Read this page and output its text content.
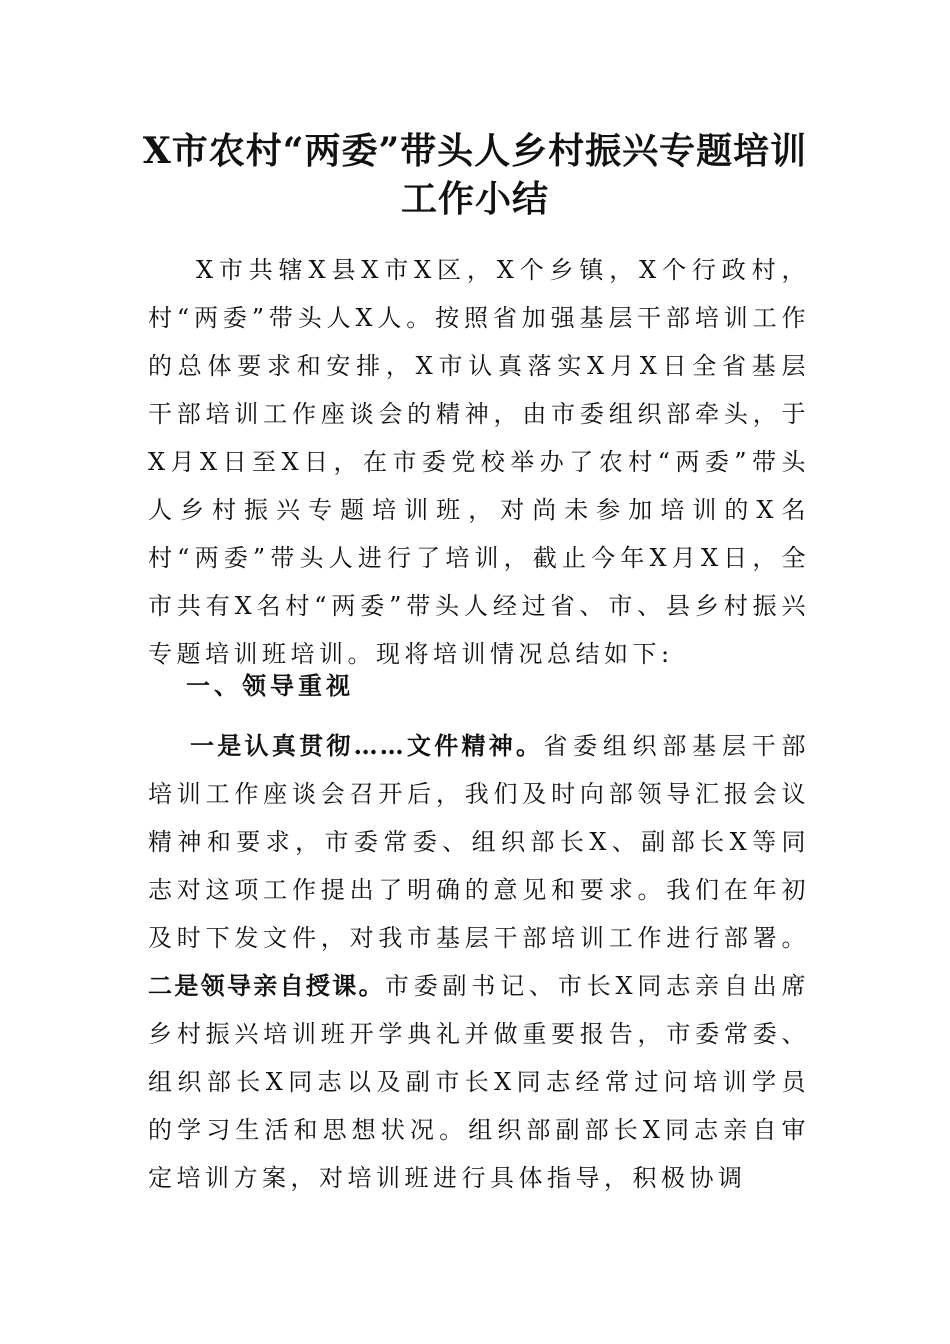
X市农村“两委”带头人乡村振兴专题培训
工作小结

X市共辖X县X市X区，X个乡镇，X个行政村，村“两委”带头人X人。按照省加强基层干部培训工作的总体要求和安排，X市认真落实X月X日全省基层干部培训工作座谈会的精神，由市委组织部牵头，于X月X日至X日，在市委党校举办了农村“两委”带头人乡村振兴专题培训班，对尚未参加培训的X名村“两委”带头人进行了培训，截止今年X月X日，全市共有X名村“两委”带头人经过省、市、县乡村振兴专题培训班培训。现将培训情况总结如下:

一、领导重视

一是认真贯彻……文件精神。省委组织部基层干部培训工作座谈会召开后，我们及时向部领导汇报会议精神和要求，市委常委、组织部长X、副部长X等同志对这项工作提出了明确的意见和要求。我们在年初及时下发文件，对我市基层干部培训工作进行部署。二是领导亲自授课。市委副书记、市长X同志亲自出席乡村振兴培训班开学典礼并做重要报告，市委常委、组织部长X同志以及副市长X同志经常过问培训学员的学习生活和思想状况。组织部副部长X同志亲自审定培训方案，对培训班进行具体指导，积极协调
